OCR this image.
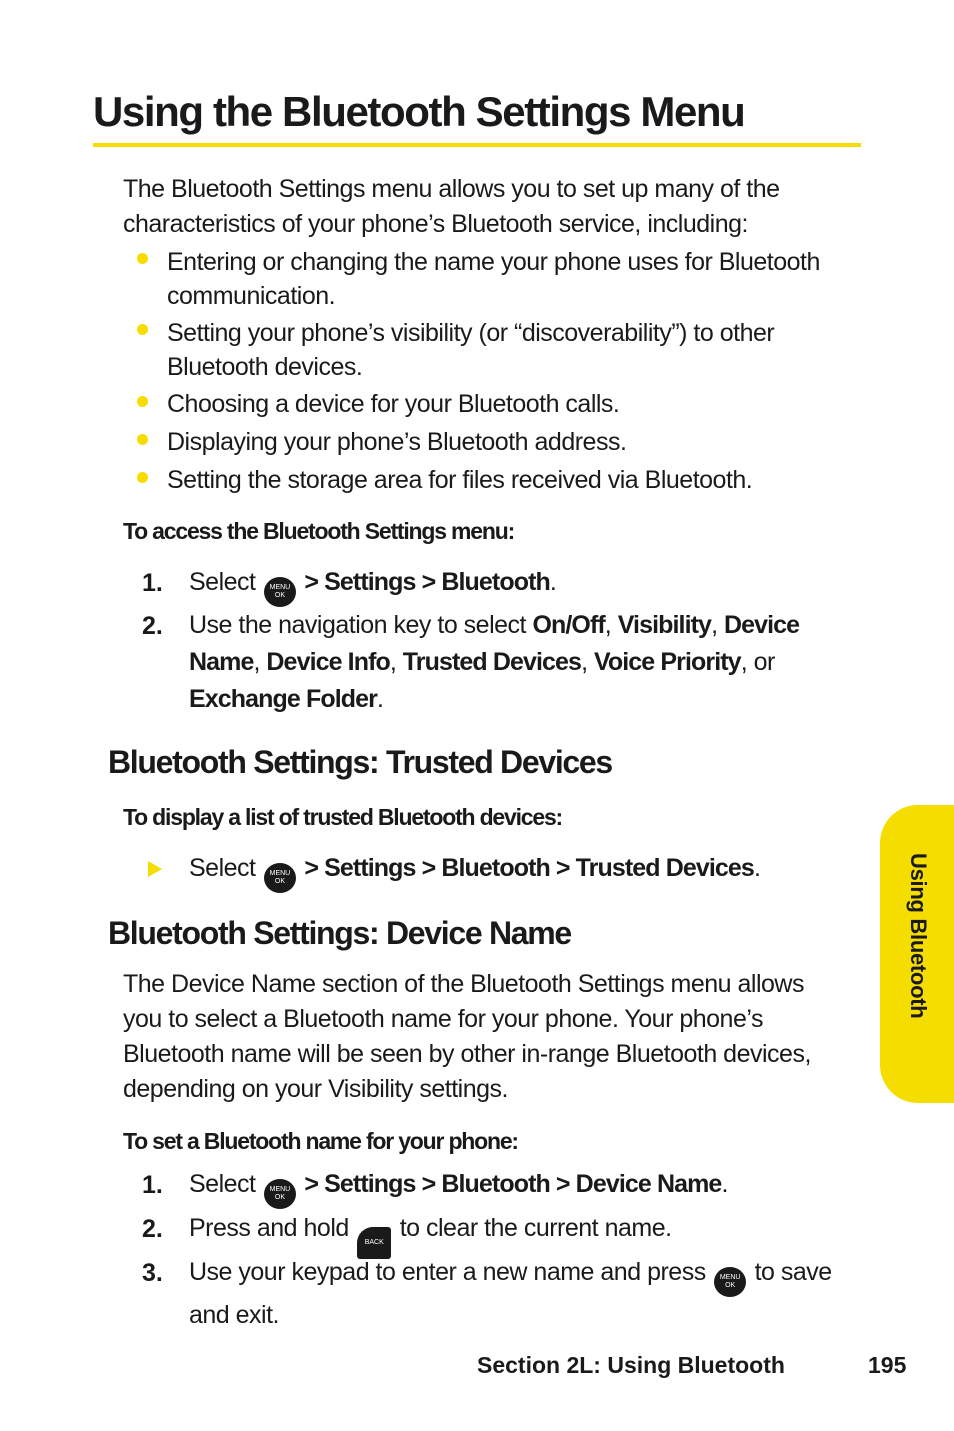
Using the Bluetooth Settings Menu
The Bluetooth Settings menu allows you to set up many of the characteristics of your phone’s Bluetooth service, including:
Entering or changing the name your phone uses for Bluetooth communication.
Setting your phone’s visibility (or “discoverability”) to other Bluetooth devices.
Choosing a device for your Bluetooth calls.
Displaying your phone’s Bluetooth address.
Setting the storage area for files received via Bluetooth.
To access the Bluetooth Settings menu:
1. Select MENU
OK > Settings > Bluetooth.
2. Use the navigation key to select On/Off, Visibility, Device Name, Device Info, Trusted Devices, Voice Priority, or Exchange Folder.
Bluetooth Settings: Trusted Devices
To display a list of trusted Bluetooth devices:
Select MENU
OK > Settings > Bluetooth > Trusted Devices.
Bluetooth Settings: Device Name
The Device Name section of the Bluetooth Settings menu allows you to select a Bluetooth name for your phone. Your phone’s Bluetooth name will be seen by other in-range Bluetooth devices, depending on your Visibility settings.
To set a Bluetooth name for your phone:
1. Select MENU
OK > Settings > Bluetooth > Device Name.
2. Press and hold BACK to clear the current name.
3. Use your keypad to enter a new name and press MENU
OK to save and exit.
Using Bluetooth
Section 2L: Using Bluetooth	195
